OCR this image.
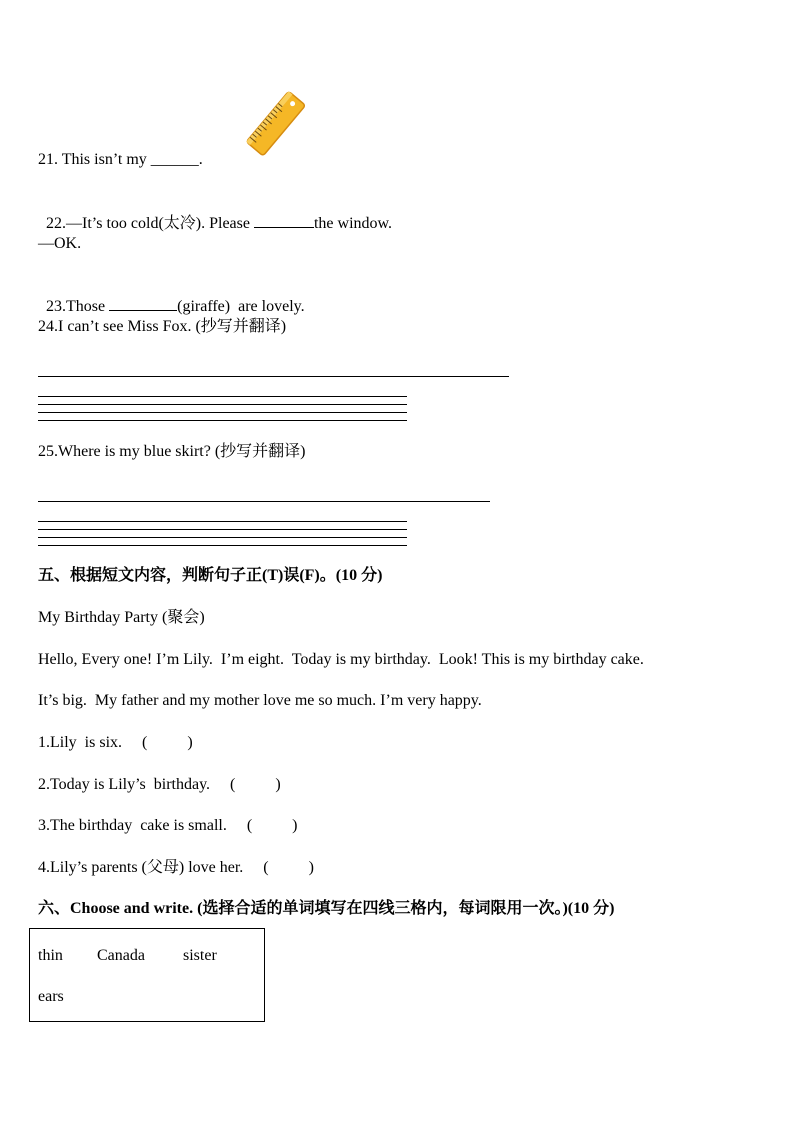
21. This isn’t my ______.

22.—It’s too cold(太冷). Please	the window.

—OK.

23.Those	(giraffe)  are lovely.

24.I can’t see Miss Fox. (抄写并翻译)
25.Where is my blue skirt? (抄写并翻译)
五、根据短文内容，判断句子正(T)误(F)。(10 分)
My Birthday Party (聚会)
Hello, Every one! I’m Lily.  I’m eight.  Today is my birthday.  Look! This is my birthday cake.
It’s big.  My father and my mother love me so much. I’m very happy.
1.Lily  is six.     (          )
2.Today is Lily’s  birthday.     (          )
3.The birthday  cake is small.     (          )
4.Lily’s parents (父母) love her.     (          )
六、Choose and write. (选择合适的单词填写在四线三格内，每词限用一次。)(10 分)
thin Canada sister
ears
